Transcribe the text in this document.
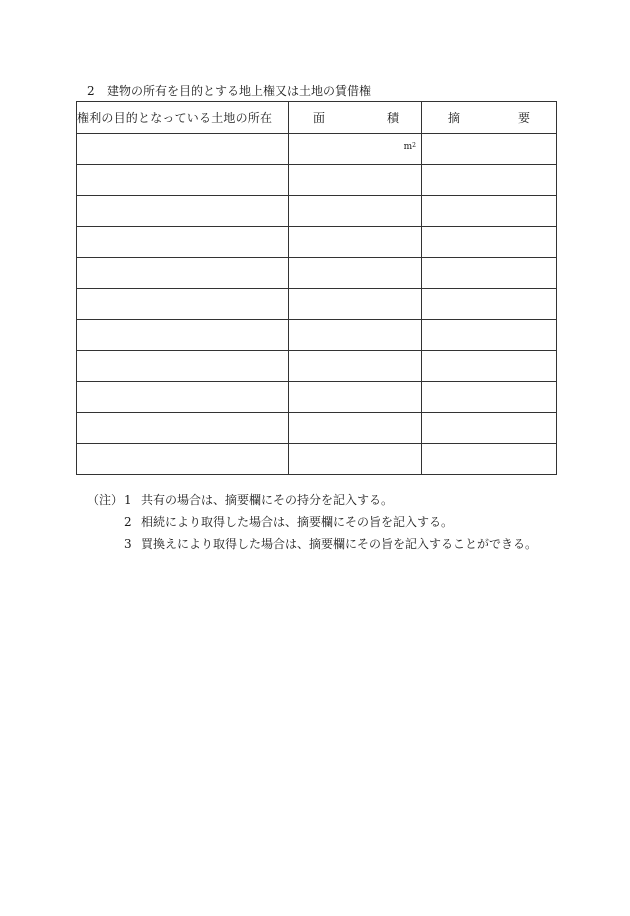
2 建物の所有を目的とする地上権又は土地の賃借権
権利の目的となっている土地の所在	面 積	摘 要

	$m^2$

（注） 1 共有の場合は、摘要欄にその持分を記入する。
2 相続により取得した場合は、摘要欄にその旨を記入する。
3 買換えにより取得した場合は、摘要欄にその旨を記入することができる。
